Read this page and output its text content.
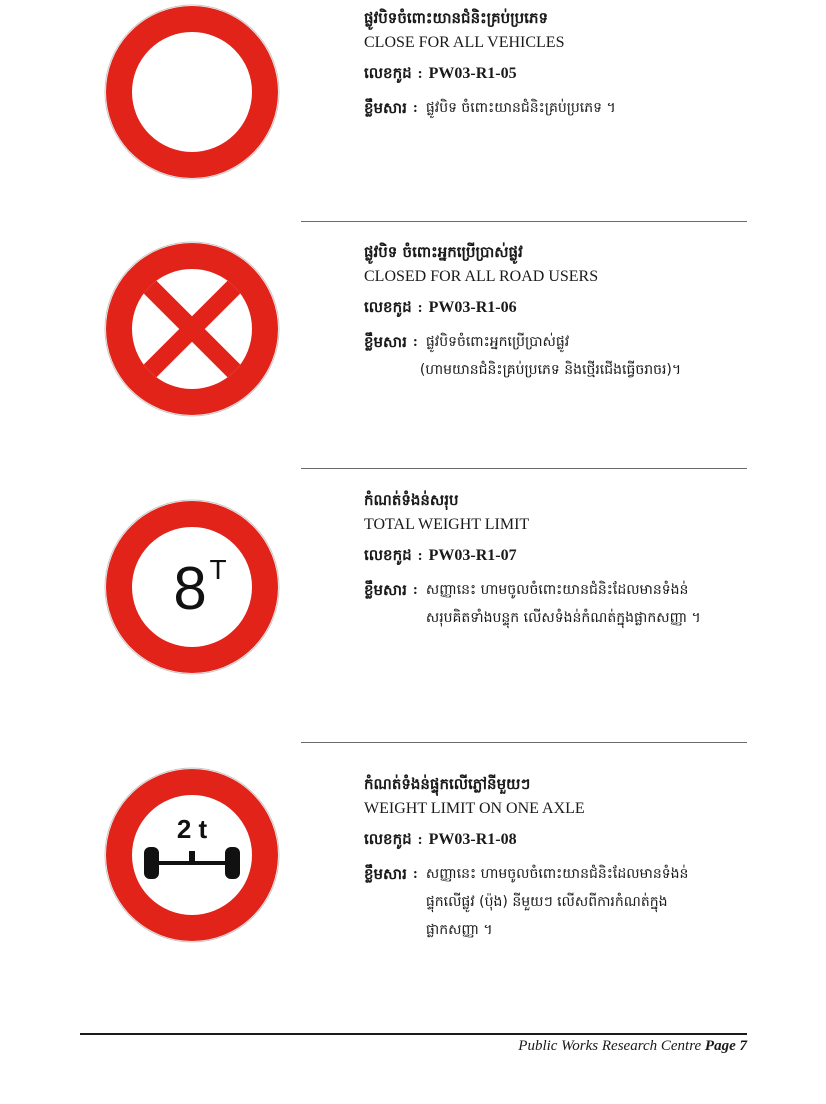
ផ្លូវបិទចំពោះយានជំនិះគ្រប់ប្រភេទ
CLOSE FOR ALL VEHICLES
លេខកូដ : PW03-R1-05
ខ្លឹមសារ : ផ្លូវបិទ ចំពោះយានជំនិះគ្រប់ប្រភេទ ។
ផ្លូវបិទ ចំពោះអ្នកប្រើប្រាស់ផ្លូវ
CLOSED FOR ALL ROAD USERS
លេខកូដ : PW03-R1-06
ខ្លឹមសារ : ផ្លូវបិទចំពោះអ្នកប្រើប្រាស់ផ្លូវ
(ហាមយានជំនិះគ្រប់ប្រភេទ និងថ្មើរជើងធ្វើចរាចរ)។
8 T
កំណត់ទំងន់សរុប
TOTAL WEIGHT LIMIT
លេខកូដ : PW03-R1-07
ខ្លឹមសារ : សញ្ញានេះ ហាមចូលចំពោះយានជំនិះដែលមានទំងន់
សរុបគិតទាំងបន្ទុក លើសទំងន់កំណត់ក្នុងផ្លាកសញ្ញា ។
2 t
កំណត់ទំងន់ផ្ទុកលើភ្លៅនីមួយៗ
WEIGHT LIMIT ON ONE AXLE
លេខកូដ : PW03-R1-08
ខ្លឹមសារ : សញ្ញានេះ ហាមចូលចំពោះយានជំនិះដែលមានទំងន់
ផ្ទុកលើផ្លូវ (ប៉ុង) នីមួយៗ លើសពីការកំណត់ក្នុង
ផ្លាកសញ្ញា ។
Public Works Research Centre Page 7
